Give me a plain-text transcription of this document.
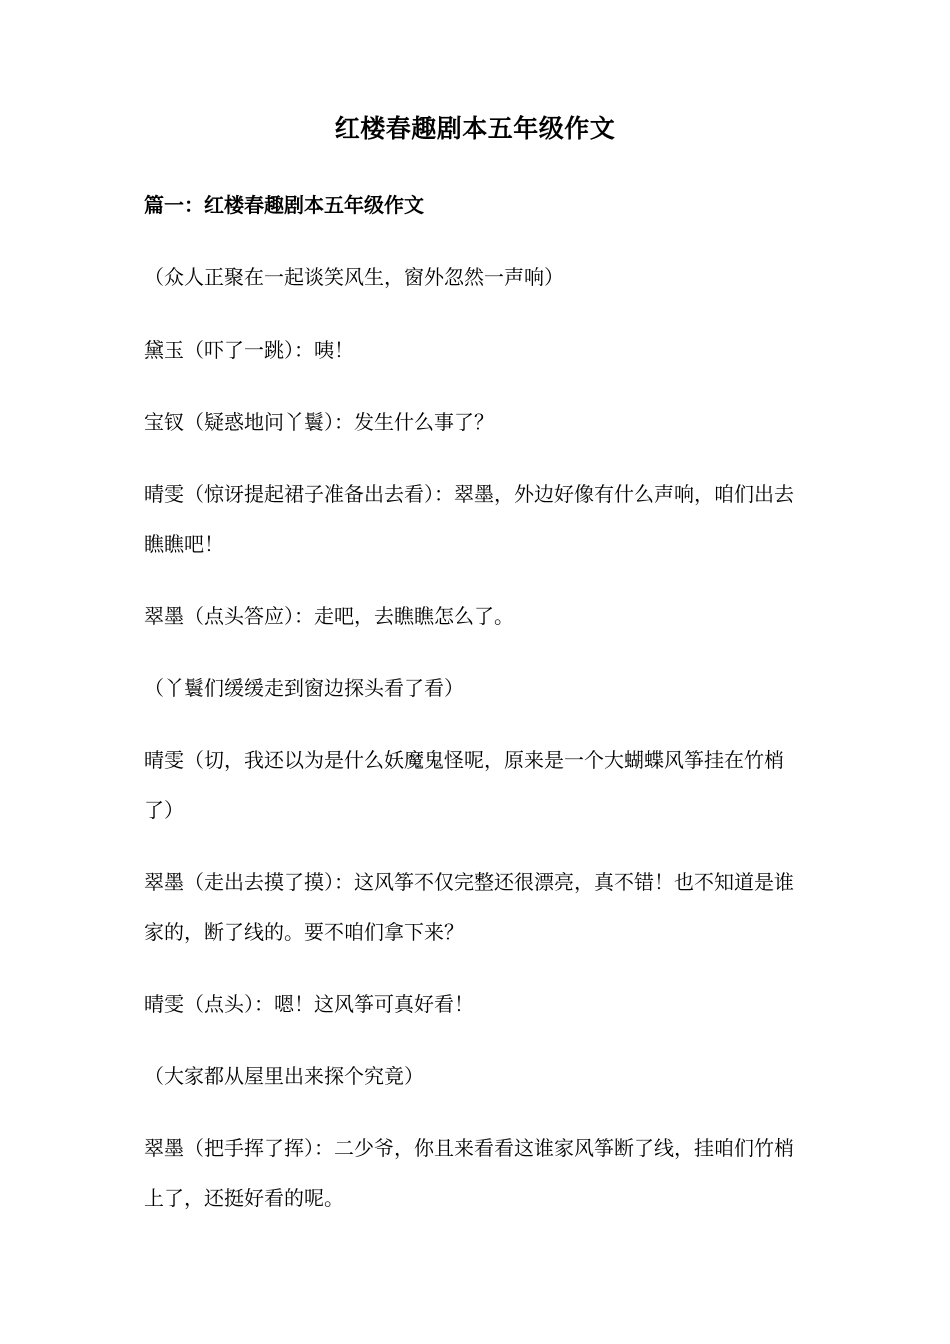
红楼春趣剧本五年级作文
篇一：红楼春趣剧本五年级作文

（众人正聚在一起谈笑风生，窗外忽然一声响）

黛玉（吓了一跳）：咦！

宝钗（疑惑地问丫鬟）：发生什么事了？

晴雯（惊讶提起裙子准备出去看）：翠墨，外边好像有什么声响，咱们出去瞧瞧吧！

翠墨（点头答应）：走吧，去瞧瞧怎么了。

（丫鬟们缓缓走到窗边探头看了看）

晴雯（切，我还以为是什么妖魔鬼怪呢，原来是一个大蝴蝶风筝挂在竹梢了）

翠墨（走出去摸了摸）：这风筝不仅完整还很漂亮，真不错！也不知道是谁家的，断了线的。要不咱们拿下来？

晴雯（点头）：嗯！这风筝可真好看！

（大家都从屋里出来探个究竟）

翠墨（把手挥了挥）：二少爷，你且来看看这谁家风筝断了线，挂咱们竹梢上了，还挺好看的呢。
